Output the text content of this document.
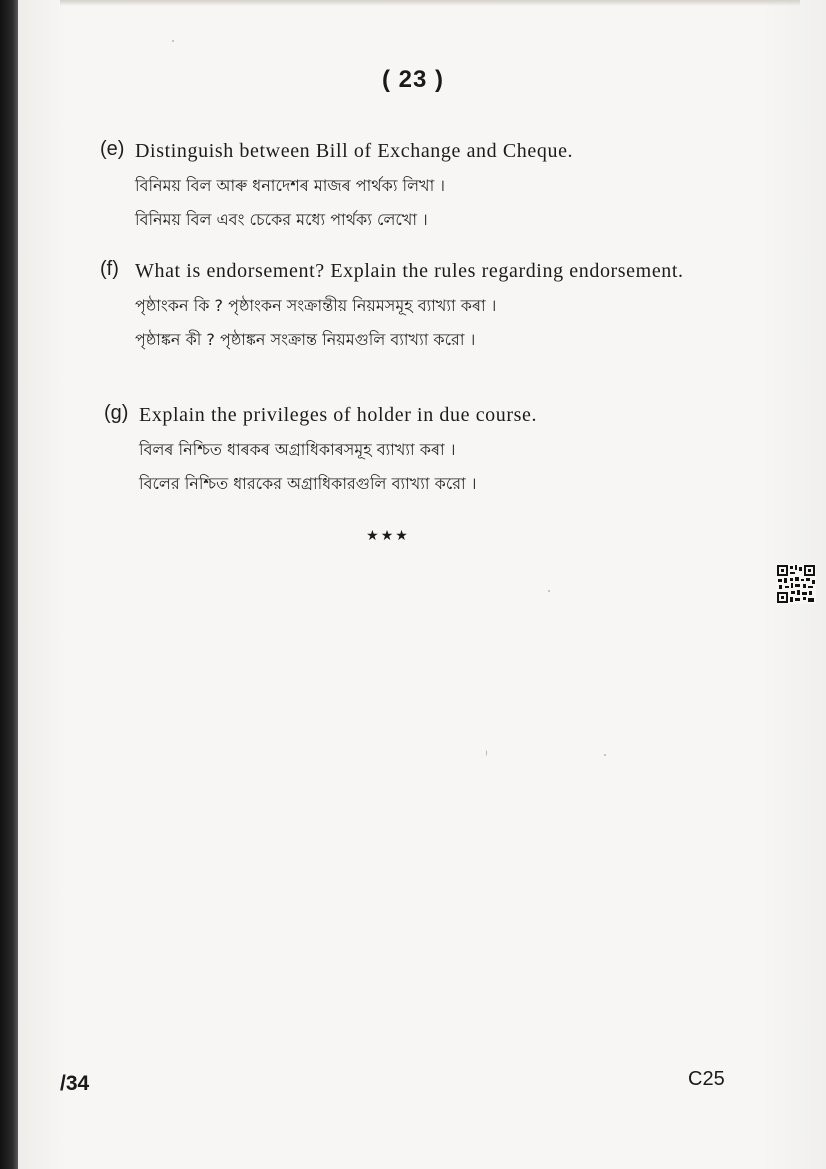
( 23 )
(e) Distinguish between Bill of Exchange and Cheque.
বিনিময় বিল আৰু ধনাদেশৰ মাজৰ পাৰ্থক্য লিখা ।
বিনিময় বিল এবং চেকের মধ্যে পার্থক্য লেখো ।
(f) What is endorsement? Explain the rules regarding endorsement.
পৃষ্ঠাংকন কি ? পৃষ্ঠাংকন সংক্ৰান্তীয় নিয়মসমূহ ব্যাখ্যা কৰা ।
পৃষ্ঠাঙ্কন কী ? পৃষ্ঠাঙ্কন সংক্রান্ত নিয়মগুলি ব্যাখ্যা করো ।
(g) Explain the privileges of holder in due course.
বিলৰ নিশ্চিত ধাৰকৰ অগ্ৰাধিকাৰসমূহ ব্যাখ্যা কৰা ।
বিলের নিশ্চিত ধারকের অগ্রাধিকারগুলি ব্যাখ্যা করো ।
★★★
/34	C25
